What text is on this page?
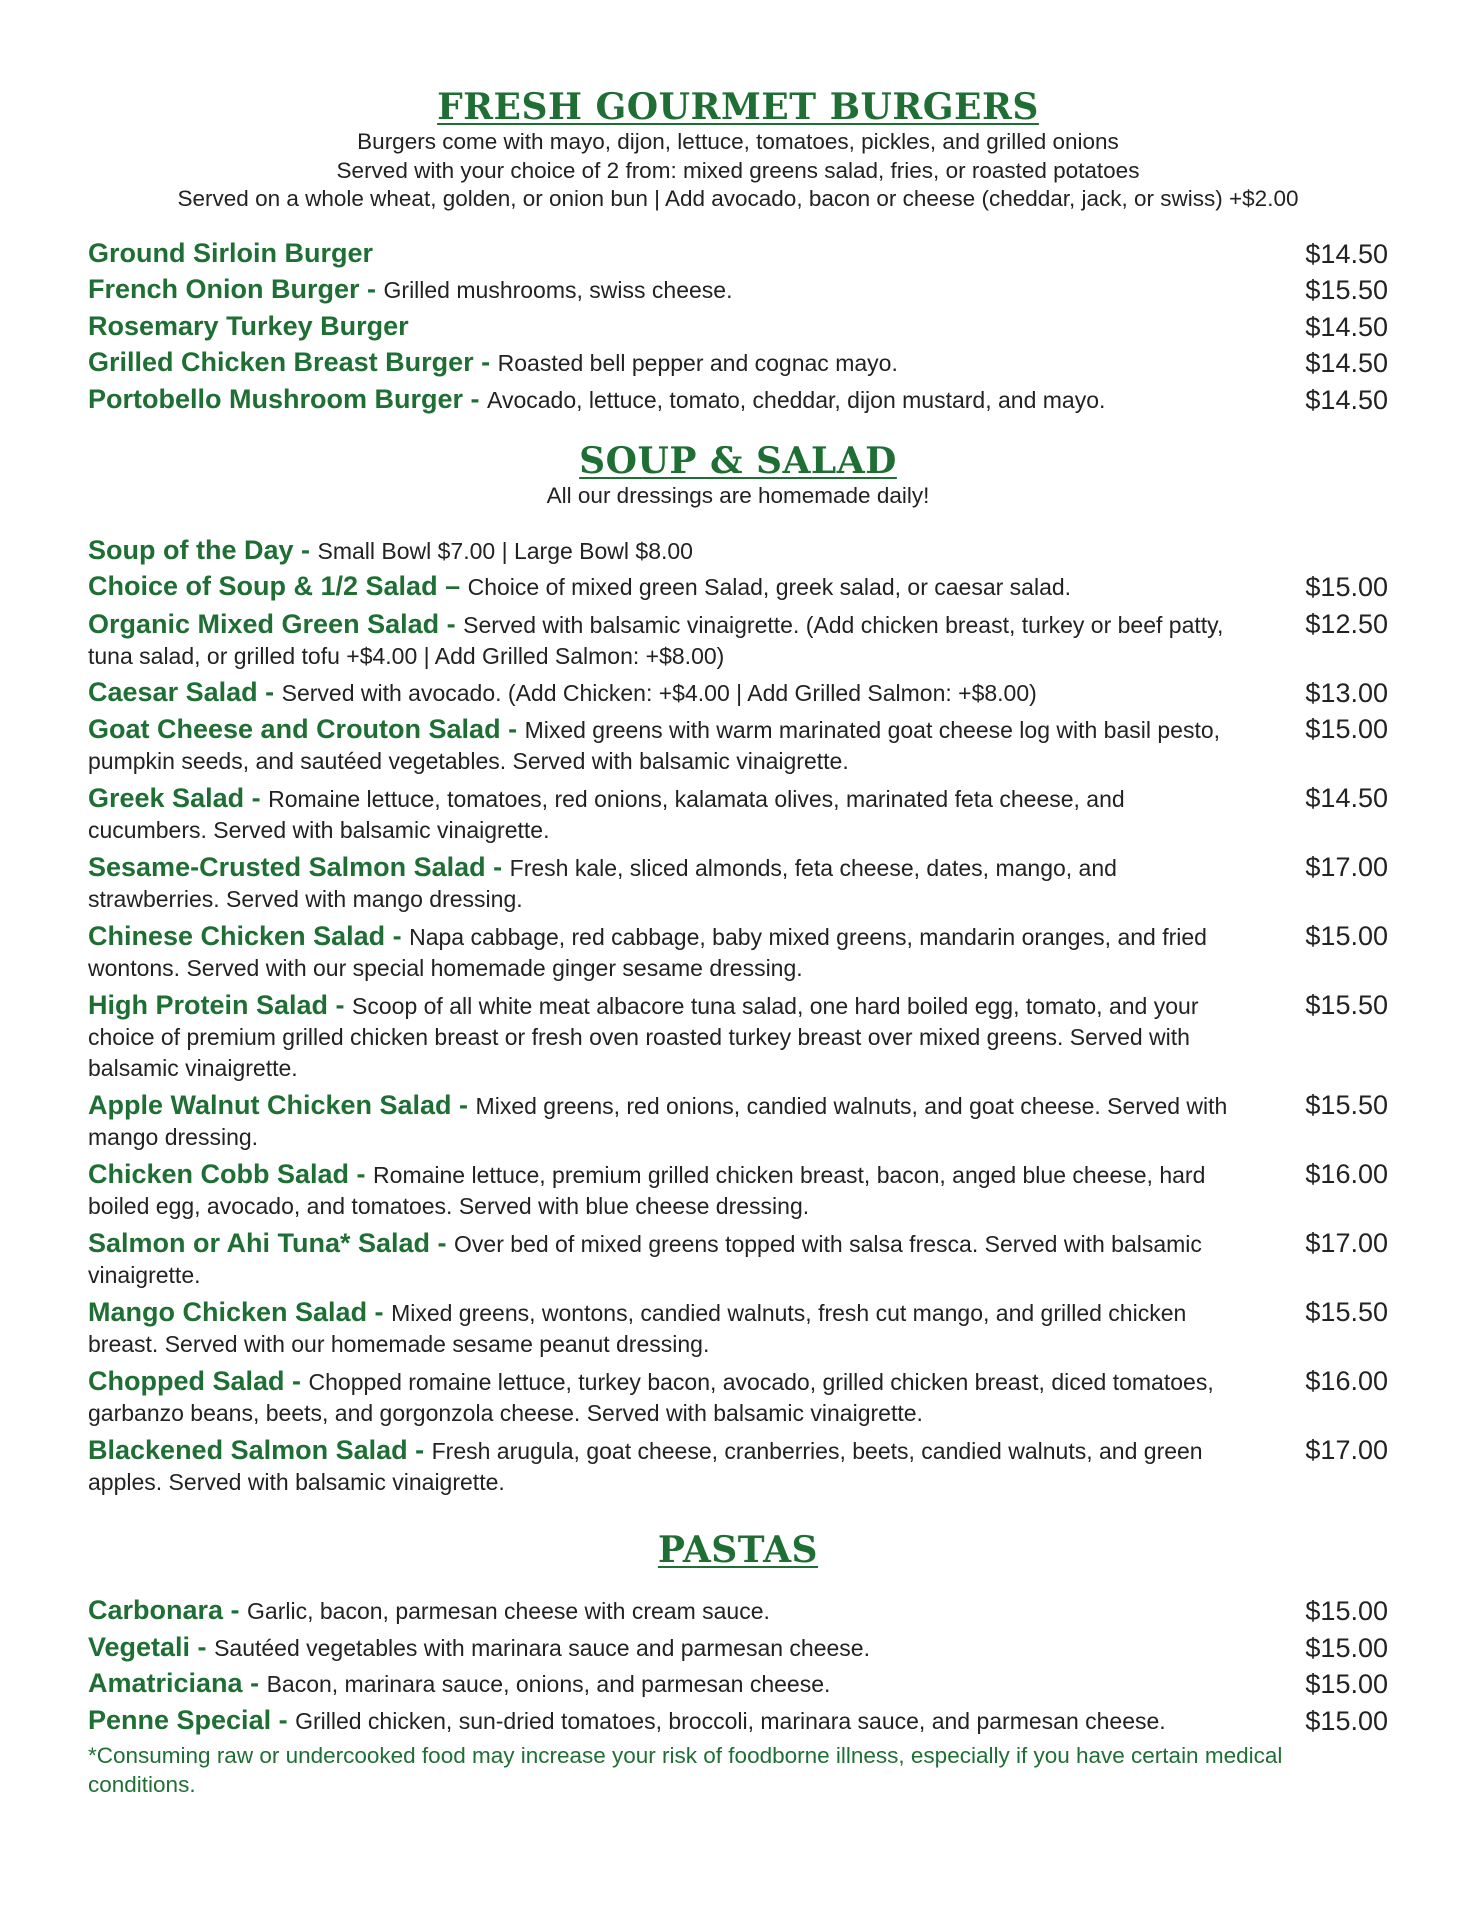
FRESH GOURMET BURGERS
Burgers come with mayo, dijon, lettuce, tomatoes, pickles, and grilled onions
Served with your choice of 2 from: mixed greens salad, fries, or roasted potatoes
Served on a whole wheat, golden, or onion bun | Add avocado, bacon or cheese (cheddar, jack, or swiss) +$2.00
Ground Sirloin Burger	$14.50
French Onion Burger - Grilled mushrooms, swiss cheese.	$15.50
Rosemary Turkey Burger	$14.50
Grilled Chicken Breast Burger - Roasted bell pepper and cognac mayo.	$14.50
Portobello Mushroom Burger - Avocado, lettuce, tomato, cheddar, dijon mustard, and mayo.	$14.50
SOUP & SALAD
All our dressings are homemade daily!
Soup of the Day - Small Bowl $7.00 | Large Bowl $8.00
Choice of Soup & 1/2 Salad – Choice of mixed green Salad, greek salad, or caesar salad.	$15.00
Organic Mixed Green Salad - Served with balsamic vinaigrette. (Add chicken breast, turkey or beef patty, tuna salad, or grilled tofu +$4.00 | Add Grilled Salmon: +$8.00)
$12.50
Caesar Salad - Served with avocado. (Add Chicken: +$4.00 | Add Grilled Salmon: +$8.00)	$13.00
Goat Cheese and Crouton Salad - Mixed greens with warm marinated goat cheese log with basil pesto, pumpkin seeds, and sautéed vegetables. Served with balsamic vinaigrette.
$15.00
Greek Salad - Romaine lettuce, tomatoes, red onions, kalamata olives, marinated feta cheese, and cucumbers. Served with balsamic vinaigrette.
$14.50
Sesame-Crusted Salmon Salad - Fresh kale, sliced almonds, feta cheese, dates, mango, and strawberries. Served with mango dressing.
$17.00
Chinese Chicken Salad - Napa cabbage, red cabbage, baby mixed greens, mandarin oranges, and fried wontons. Served with our special homemade ginger sesame dressing.
$15.00
High Protein Salad - Scoop of all white meat albacore tuna salad, one hard boiled egg, tomato, and your choice of premium grilled chicken breast or fresh oven roasted turkey breast over mixed greens. Served with balsamic vinaigrette.
$15.50
Apple Walnut Chicken Salad - Mixed greens, red onions, candied walnuts, and goat cheese. Served with mango dressing.
$15.50
Chicken Cobb Salad - Romaine lettuce, premium grilled chicken breast, bacon, anged blue cheese, hard boiled egg, avocado, and tomatoes. Served with blue cheese dressing.
$16.00
Salmon or Ahi Tuna* Salad - Over bed of mixed greens topped with salsa fresca. Served with balsamic vinaigrette.
$17.00
Mango Chicken Salad - Mixed greens, wontons, candied walnuts, fresh cut mango, and grilled chicken breast. Served with our homemade sesame peanut dressing.
$15.50
Chopped Salad - Chopped romaine lettuce, turkey bacon, avocado, grilled chicken breast, diced tomatoes, garbanzo beans, beets, and gorgonzola cheese. Served with balsamic vinaigrette.
$16.00
Blackened Salmon Salad - Fresh arugula, goat cheese, cranberries, beets, candied walnuts, and green apples. Served with balsamic vinaigrette.
$17.00
PASTAS
Carbonara - Garlic, bacon, parmesan cheese with cream sauce.	$15.00
Vegetali - Sautéed vegetables with marinara sauce and parmesan cheese.	$15.00
Amatriciana - Bacon, marinara sauce, onions, and parmesan cheese.	$15.00
Penne Special - Grilled chicken, sun-dried tomatoes, broccoli, marinara sauce, and parmesan cheese.	$15.00
*Consuming raw or undercooked food may increase your risk of foodborne illness, especially if you have certain medical conditions.
